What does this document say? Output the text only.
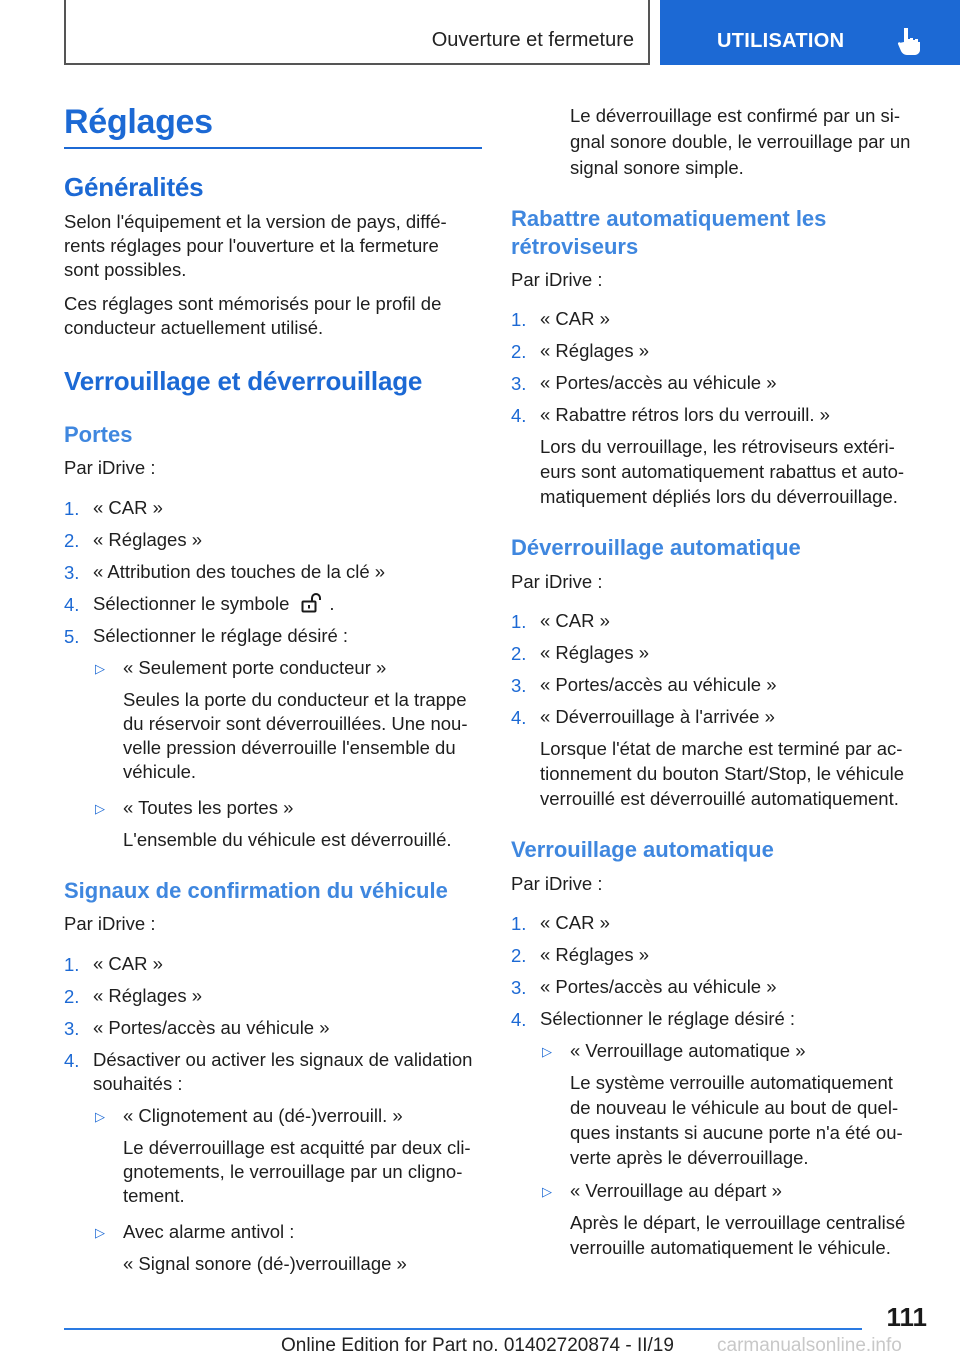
Ouverture et fermeture	UTILISATION
Réglages
Généralités
Selon l'équipement et la version de pays, diffé-
rents réglages pour l'ouverture et la fermeture
sont possibles.
Ces réglages sont mémorisés pour le profil de
conducteur actuellement utilisé.
Verrouillage et déverrouillage
Portes
Par iDrive :
1. « CAR »
2. « Réglages »
3. « Attribution des touches de la clé »
4. Sélectionner le symbole .
5. Sélectionner le réglage désiré :
▷ « Seulement porte conducteur »
Seules la porte du conducteur et la trappe
du réservoir sont déverrouillées. Une nou-
velle pression déverrouille l'ensemble du
véhicule.
▷ « Toutes les portes »
L'ensemble du véhicule est déverrouillé.
Signaux de confirmation du véhicule
Par iDrive :
1. « CAR »
2. « Réglages »
3. « Portes/accès au véhicule »
4. Désactiver ou activer les signaux de validation
souhaités :
▷ « Clignotement au (dé-)verrouill. »
Le déverrouillage est acquitté par deux cli-
gnotements, le verrouillage par un cligno-
tement.
▷ Avec alarme antivol :
« Signal sonore (dé-)verrouillage »
Le déverrouillage est confirmé par un si-
gnal sonore double, le verrouillage par un
signal sonore simple.
Rabattre automatiquement les
rétroviseurs
Par iDrive :
1. « CAR »
2. « Réglages »
3. « Portes/accès au véhicule »
4. « Rabattre rétros lors du verrouill. »
Lors du verrouillage, les rétroviseurs extéri-
eurs sont automatiquement rabattus et auto-
matiquement dépliés lors du déverrouillage.
Déverrouillage automatique
Par iDrive :
1. « CAR »
2. « Réglages »
3. « Portes/accès au véhicule »
4. « Déverrouillage à l'arrivée »
Lorsque l'état de marche est terminé par ac-
tionnement du bouton Start/Stop, le véhicule
verrouillé est déverrouillé automatiquement.
Verrouillage automatique
Par iDrive :
1. « CAR »
2. « Réglages »
3. « Portes/accès au véhicule »
4. Sélectionner le réglage désiré :
▷ « Verrouillage automatique »
Le système verrouille automatiquement
de nouveau le véhicule au bout de quel-
ques instants si aucune porte n'a été ou-
verte après le déverrouillage.
▷ « Verrouillage au départ »
Après le départ, le verrouillage centralisé
verrouille automatiquement le véhicule.
111
Online Edition for Part no. 01402720874 - II/19 carmanualsonline.info
